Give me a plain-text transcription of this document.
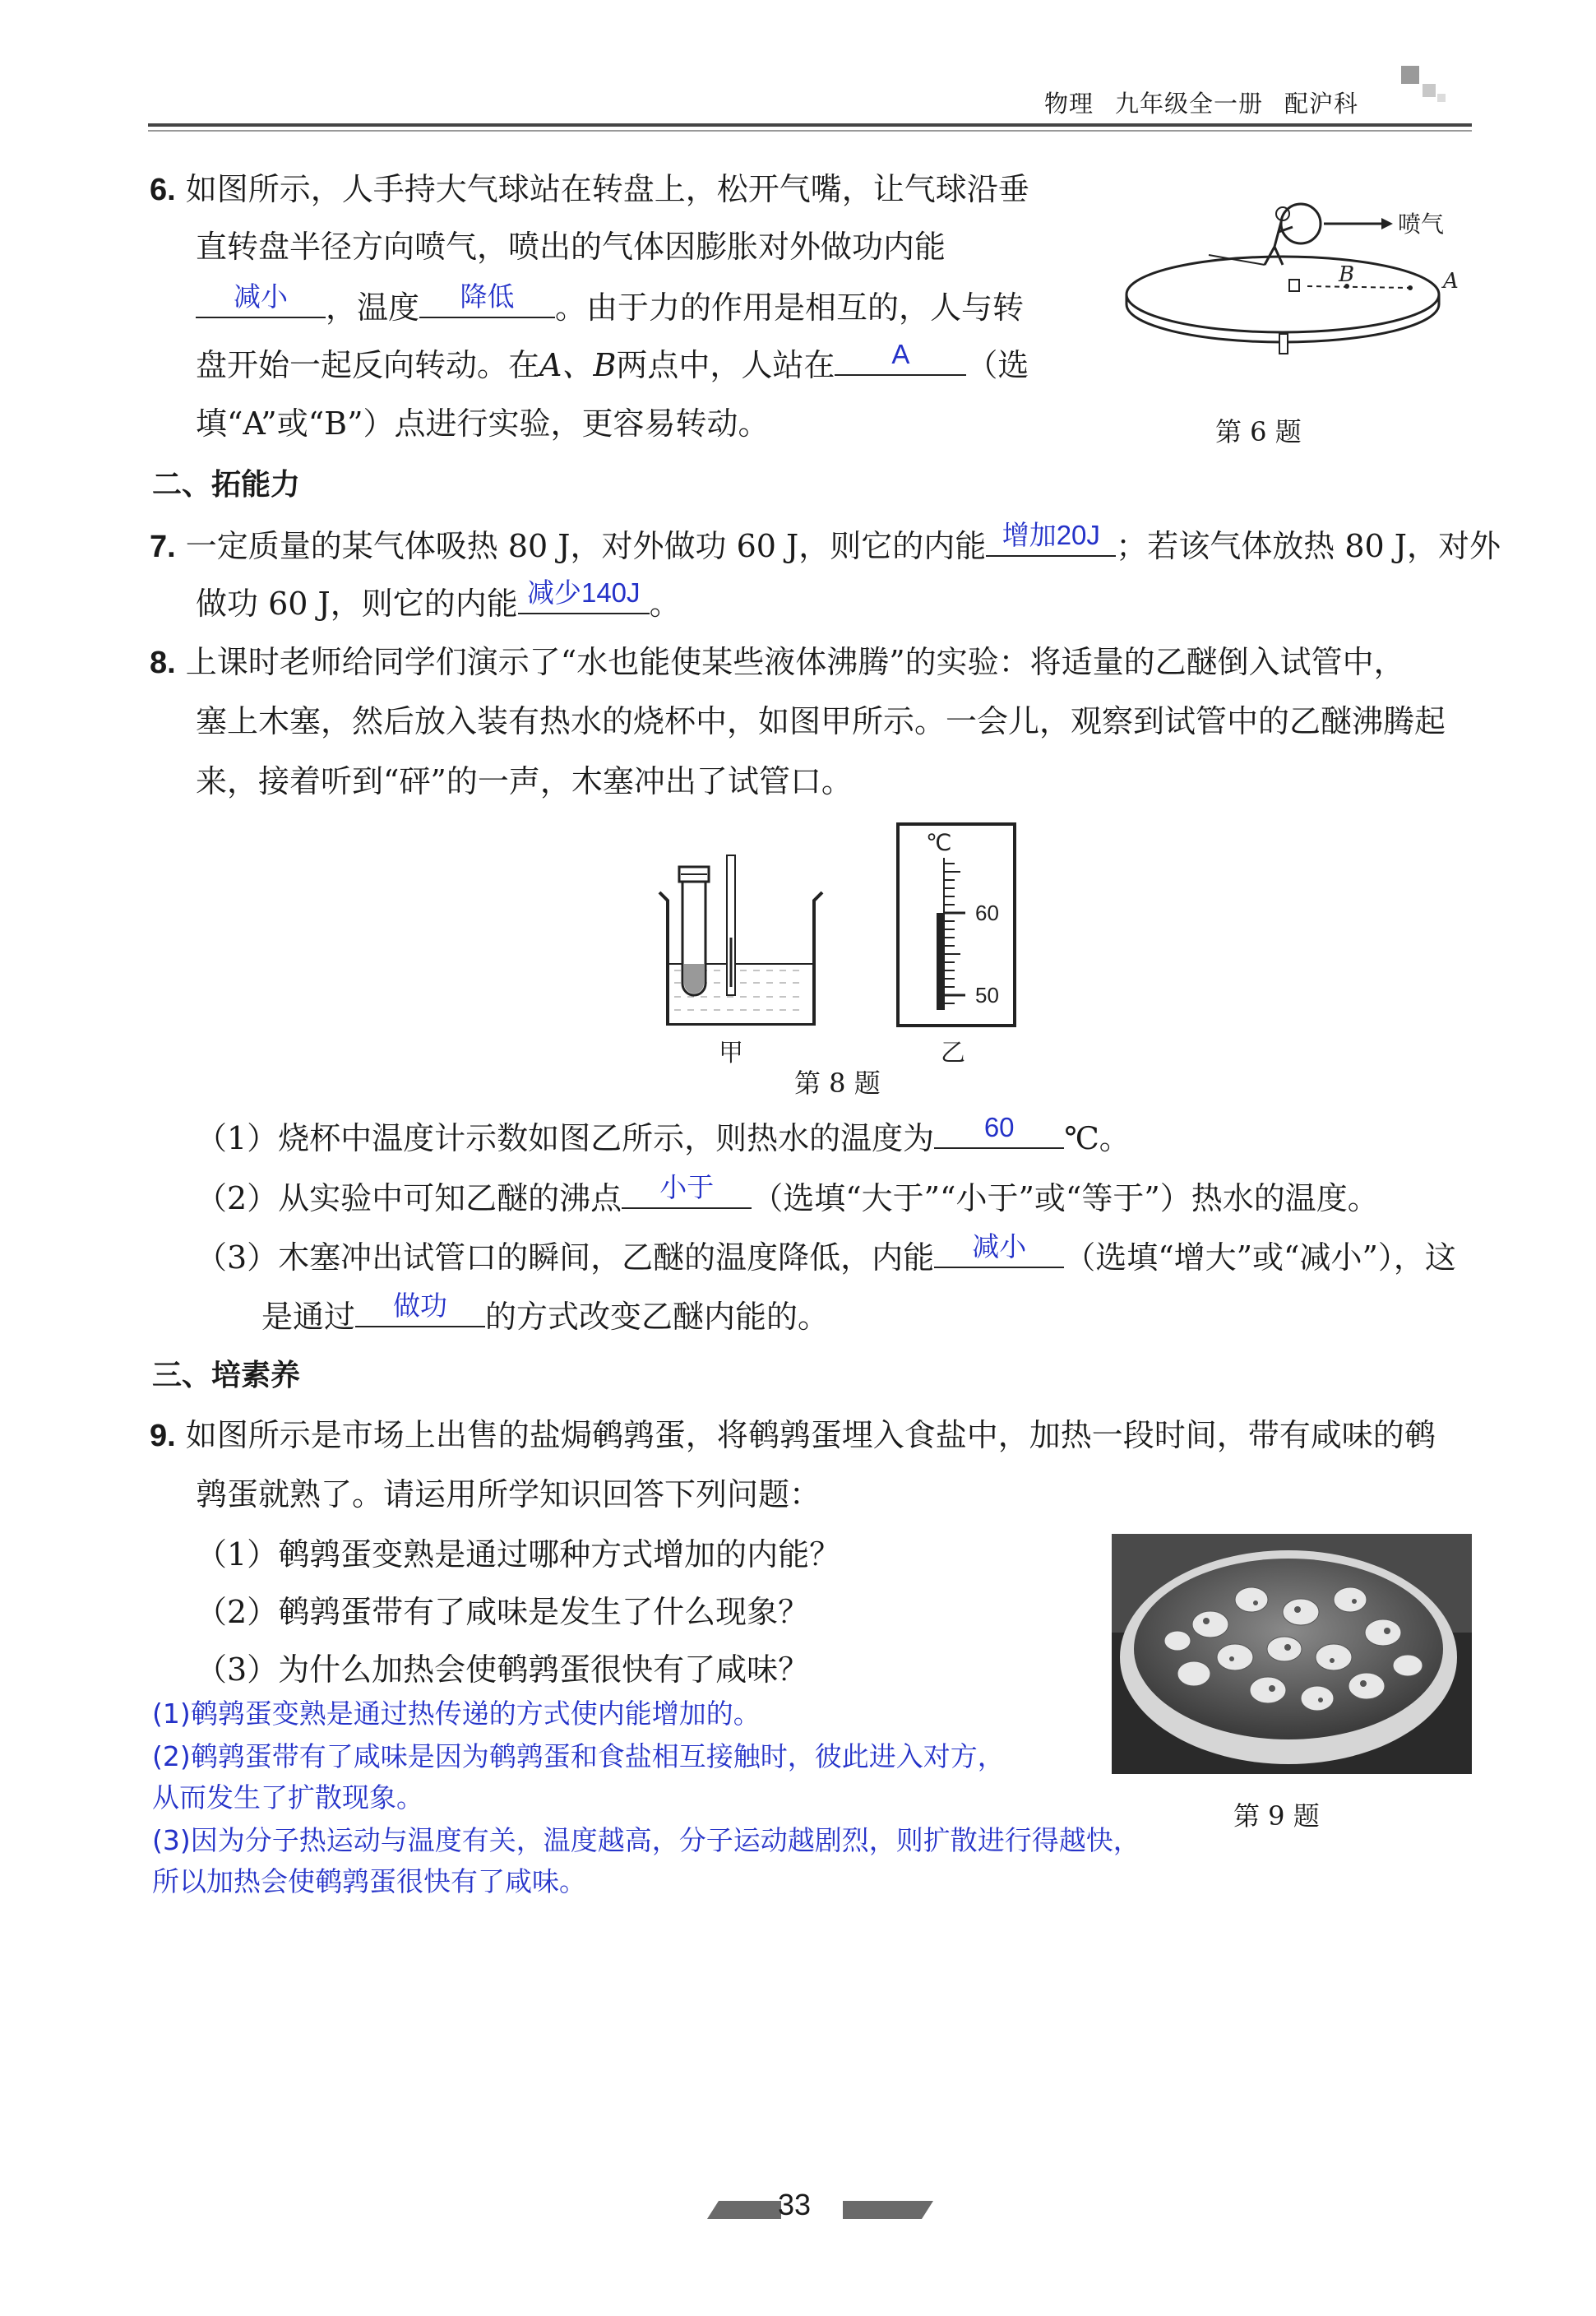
物理 九年级全一册 配沪科
6. 如图所示，人手持大气球站在转盘上，松开气嘴，让气球沿垂
直转盘半径方向喷气，喷出的气体因膨胀对外做功内能
减小	，温度	降低	。由于力的作用是相互的，人与转
盘开始一起反向转动。在A、B两点中，人站在	A	（选
填“A”或“B”）点进行实验，更容易转动。
喷气
B	A
第 6 题
二、拓能力
7. 一定质量的某气体吸热 80 J，对外做功 60 J，则它的内能 增加20J ；若该气体放热 80 J，对外
做功 60 J，则它的内能 减少140J 。
8. 上课时老师给同学们演示了“水也能使某些液体沸腾”的实验：将适量的乙醚倒入试管中，
塞上木塞，然后放入装有热水的烧杯中，如图甲所示。一会儿，观察到试管中的乙醚沸腾起
来，接着听到“砰”的一声，木塞冲出了试管口。
甲
℃
60
50
乙
第 8 题
（1）烧杯中温度计示数如图乙所示，则热水的温度为	60	℃。
（2）从实验中可知乙醚的沸点	小于	（选填“大于”“小于”或“等于”）热水的温度。
（3）木塞冲出试管口的瞬间，乙醚的温度降低，内能	减小	（选填“增大”或“减小”），这
是通过	做功	的方式改变乙醚内能的。
三、培素养
9. 如图所示是市场上出售的盐焗鹌鹑蛋，将鹌鹑蛋埋入食盐中，加热一段时间，带有咸味的鹌
鹑蛋就熟了。请运用所学知识回答下列问题：
（1）鹌鹑蛋变熟是通过哪种方式增加的内能？
（2）鹌鹑蛋带有了咸味是发生了什么现象？
（3）为什么加热会使鹌鹑蛋很快有了咸味？
(1)鹌鹑蛋变熟是通过热传递的方式使内能增加的。
(2)鹌鹑蛋带有了咸味是因为鹌鹑蛋和食盐相互接触时，彼此进入对方，
从而发生了扩散现象。
(3)因为分子热运动与温度有关，温度越高，分子运动越剧烈，则扩散进行得越快，
所以加热会使鹌鹑蛋很快有了咸味。
第 9 题
33
